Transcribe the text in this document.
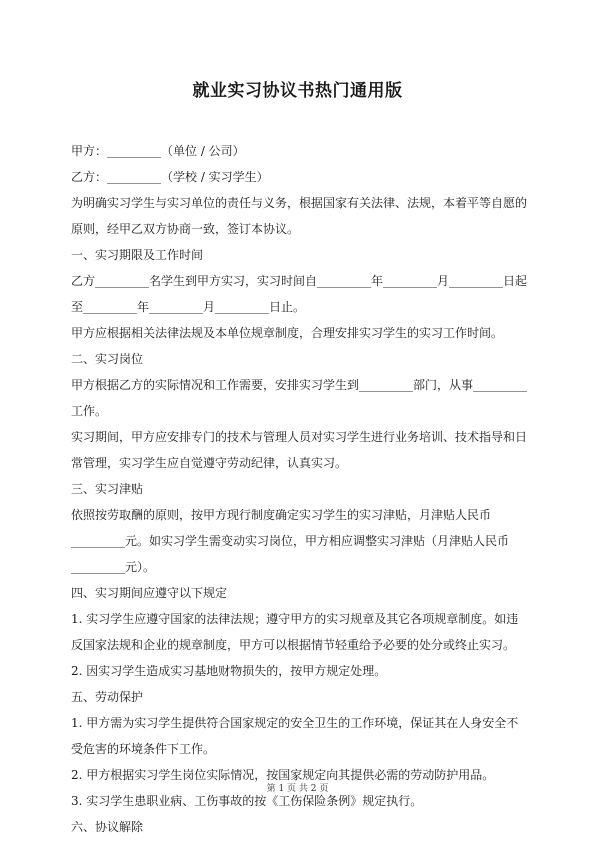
就业实习协议书热门通用版

甲方：_________（单位 / 公司）

乙方：_________（学校 / 实习学生）

为明确实习学生与实习单位的责任与义务，根据国家有关法律、法规，本着平等自愿的

原则，经甲乙双方协商一致，签订本协议。

一、实习期限及工作时间

乙方_________名学生到甲方实习，实习时间自_________年_________月_________日起

至_________年_________月_________日止。

甲方应根据相关法律法规及本单位规章制度，合理安排实习学生的实习工作时间。

二、实习岗位

甲方根据乙方的实际情况和工作需要，安排实习学生到_________部门，从事_________

工作。

实习期间，甲方应安排专门的技术与管理人员对实习学生进行业务培训、技术指导和日

常管理，实习学生应自觉遵守劳动纪律，认真实习。

三、实习津贴

依照按劳取酬的原则，按甲方现行制度确定实习学生的实习津贴，月津贴人民币

_________元。如实习学生需变动实习岗位，甲方相应调整实习津贴（月津贴人民币

_________元）。

四、实习期间应遵守以下规定

1. 实习学生应遵守国家的法律法规；遵守甲方的实习规章及其它各项规章制度。如违

反国家法规和企业的规章制度，甲方可以根据情节轻重给予必要的处分或终止实习。

2. 因实习学生造成实习基地财物损失的，按甲方规定处理。

五、劳动保护

1. 甲方需为实习学生提供符合国家规定的安全卫生的工作环境，保证其在人身安全不

受危害的环境条件下工作。

2. 甲方根据实习学生岗位实际情况，按国家规定向其提供必需的劳动防护用品。

3. 实习学生患职业病、工伤事故的按《工伤保险条例》规定执行。

六、协议解除

第 1 页 共 2 页
